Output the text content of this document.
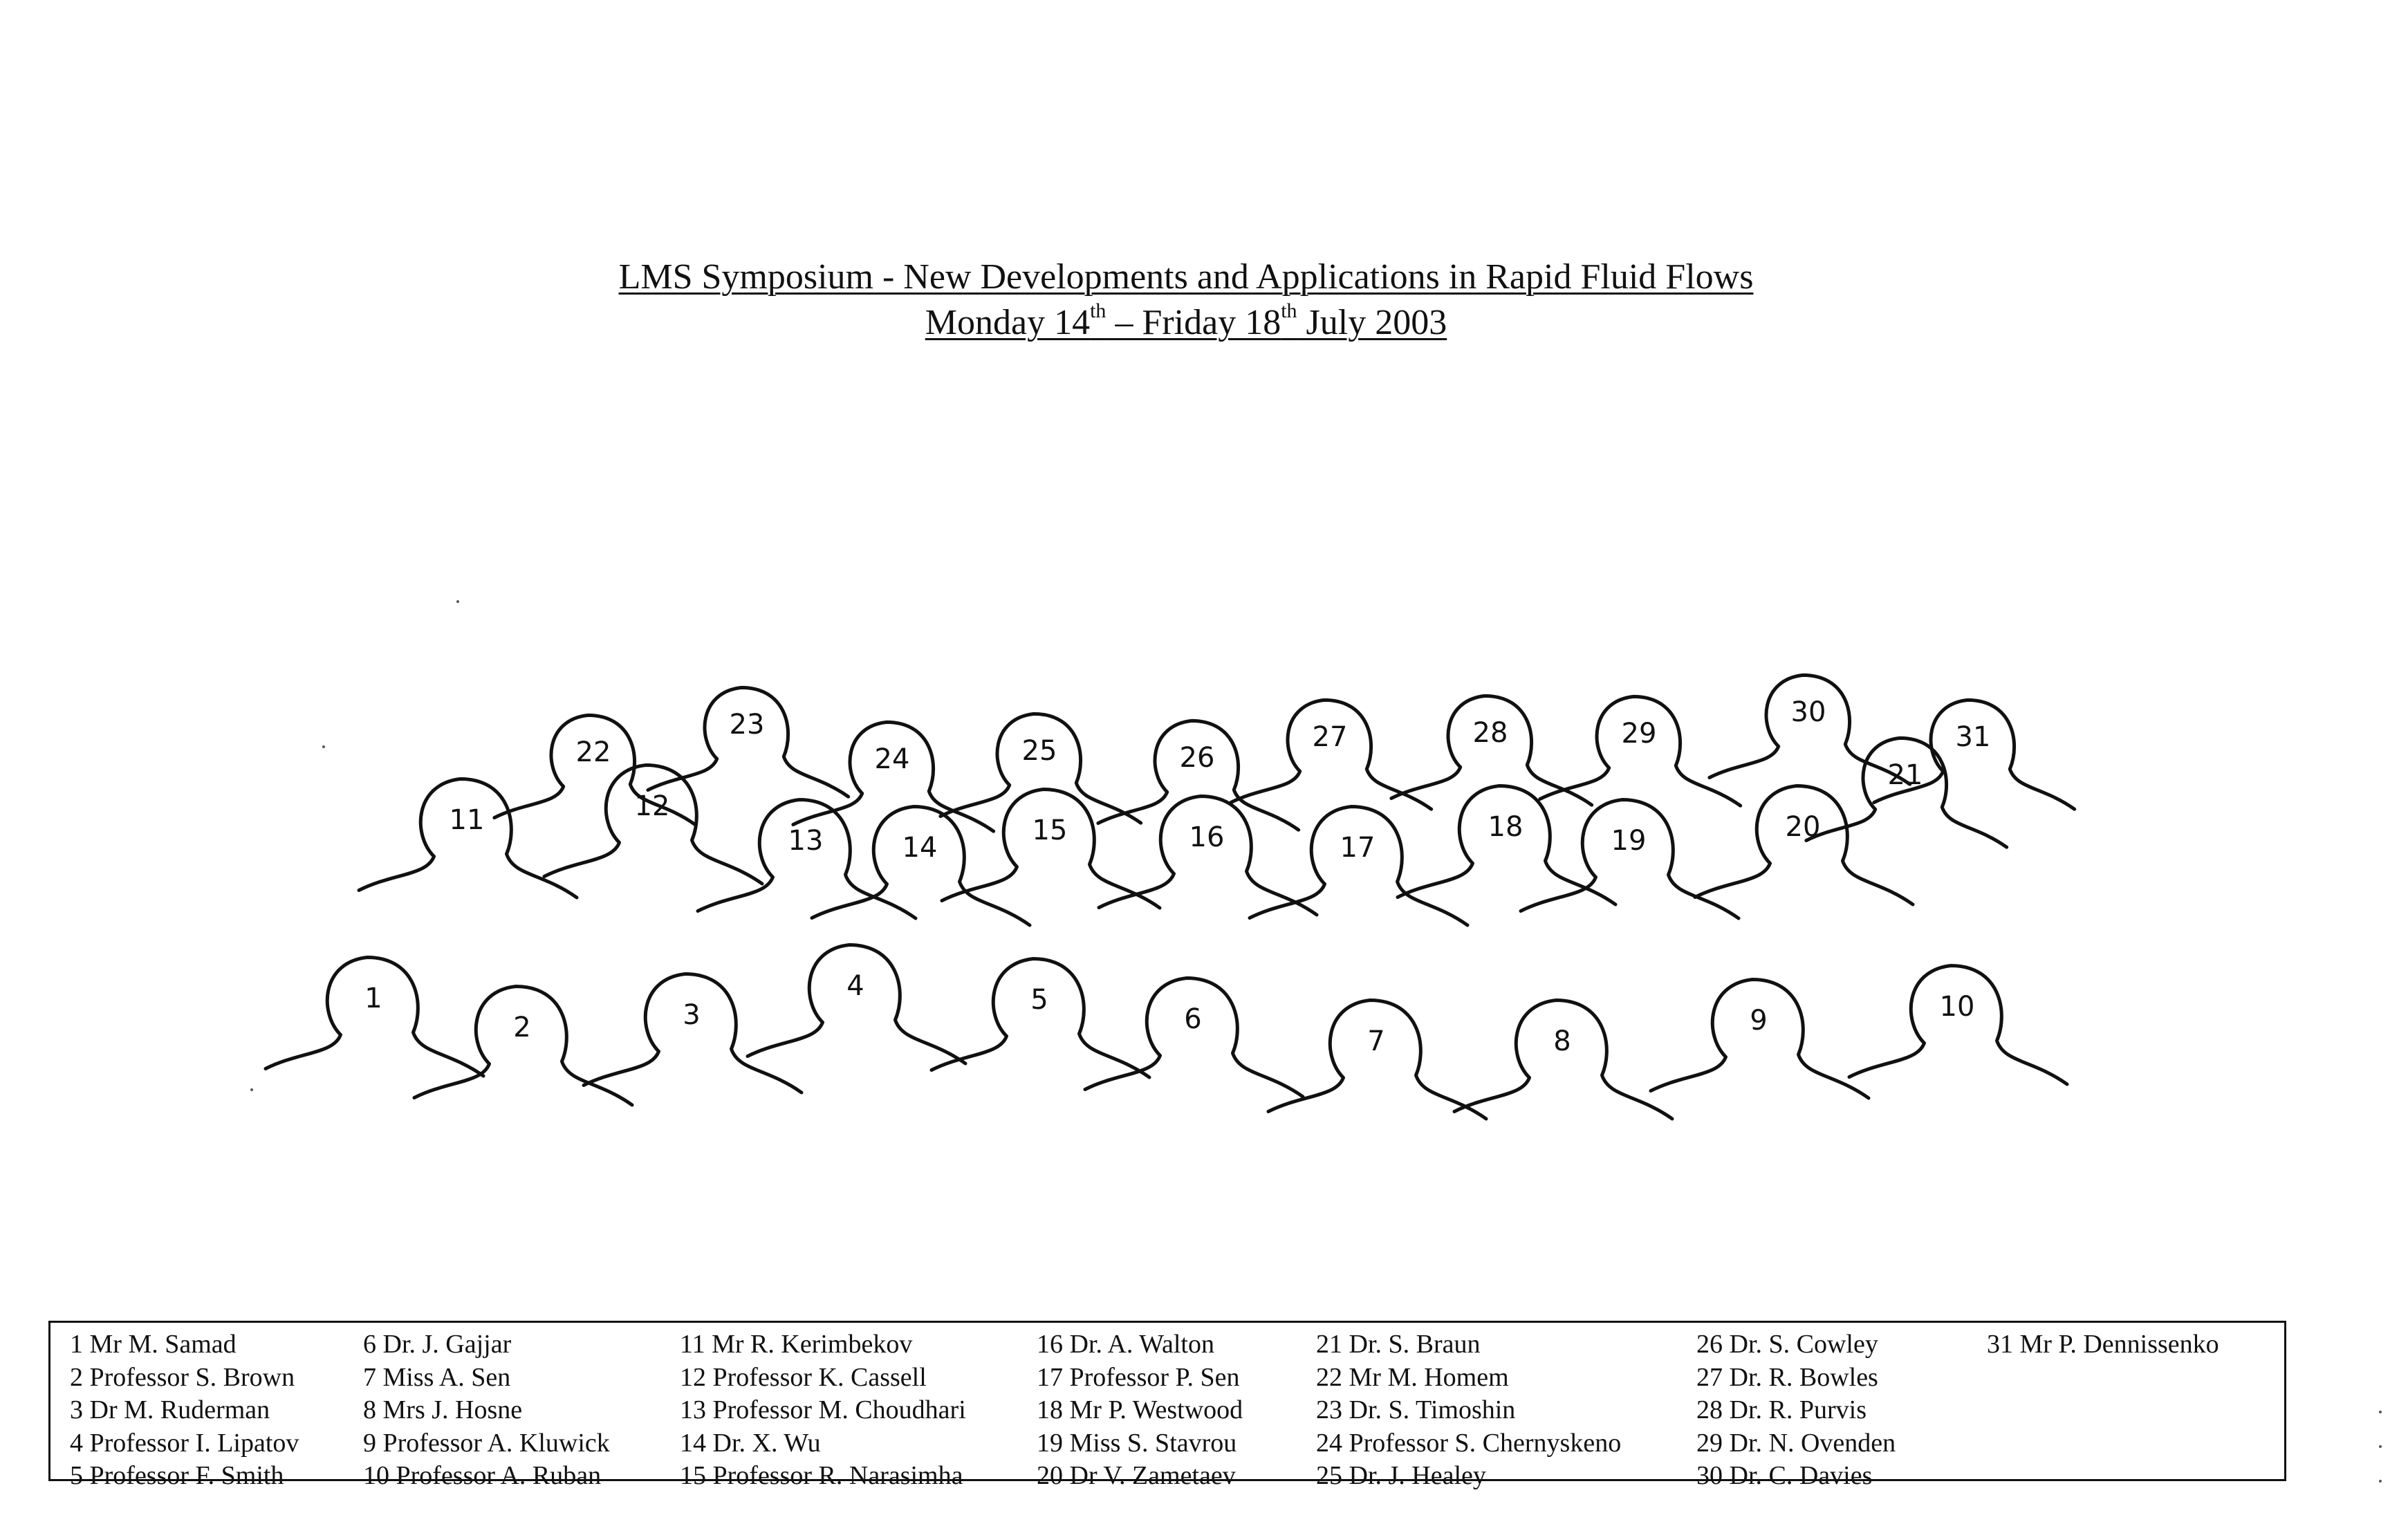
LMS Symposium - New Developments and Applications in Rapid Fluid Flows
Monday 14th – Friday 18th July 2003
1
2	3
4	5
6
7	8
9	10
11	12
13	14
15	16	17
18	19	20
21
22
23
24	25	26
27	28	29
30
31
1 Mr M. Samad
2 Professor S. Brown
3 Dr M. Ruderman
4 Professor I. Lipatov
5 Professor F. Smith
6 Dr. J. Gajjar
7 Miss A. Sen
8 Mrs J. Hosne
9 Professor A. Kluwick
10 Professor A. Ruban
11 Mr R. Kerimbekov
12 Professor K. Cassell
13 Professor M. Choudhari
14 Dr. X. Wu
15 Professor R. Narasimha
16 Dr. A. Walton
17 Professor P. Sen
18 Mr P. Westwood
19 Miss S. Stavrou
20 Dr V. Zametaev
21 Dr. S. Braun
22 Mr M. Homem
23 Dr. S. Timoshin
24 Professor S. Chernyskeno
25 Dr. J. Healey
26 Dr. S. Cowley
27 Dr. R. Bowles
28 Dr. R. Purvis
29 Dr. N. Ovenden
30 Dr. C. Davies
31 Mr P. Dennissenko
